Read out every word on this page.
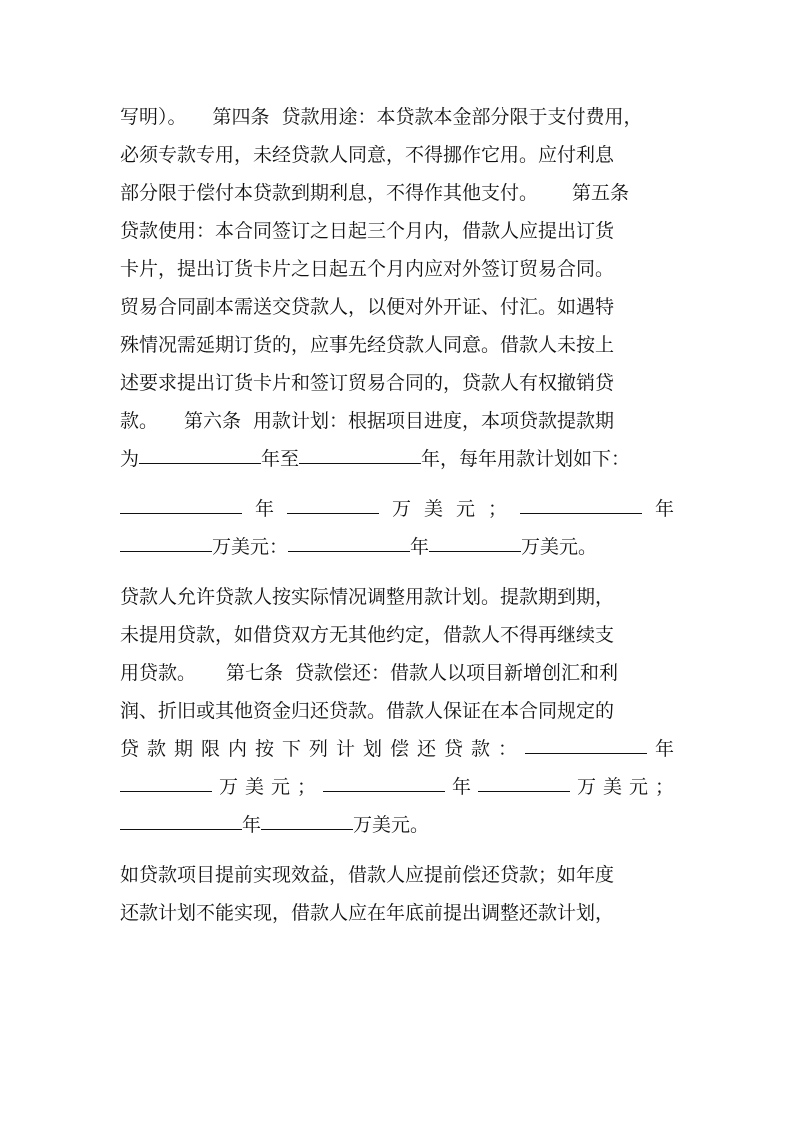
写明）。 第四条 贷款用途：本贷款本金部分限于支付费用，
必须专款专用，未经贷款人同意，不得挪作它用。应付利息
部分限于偿付本贷款到期利息，不得作其他支付。 第五条
贷款使用：本合同签订之日起三个月内，借款人应提出订货
卡片，提出订货卡片之日起五个月内应对外签订贸易合同。
贸易合同副本需送交贷款人，以便对外开证、付汇。如遇特
殊情况需延期订货的，应事先经贷款人同意。借款人未按上
述要求提出订货卡片和签订贸易合同的，贷款人有权撤销贷
款。 第六条 用款计划：根据项目进度，本项贷款提款期
为	年至	年，每年用款计划如下：
年	万 美 元 ；	年
万美元：	年	万美元。
贷款人允许贷款人按实际情况调整用款计划。提款期到期，
未提用贷款，如借贷双方无其他约定，借款人不得再继续支
用贷款。 第七条 贷款偿还：借款人以项目新增创汇和利
润、折旧或其他资金归还贷款。借款人保证在本合同规定的
贷 款 期 限 内 按 下 列 计 划 偿 还 贷 款 ：	年
万 美 元 ；	年	万 美 元 ；
年	万美元。
如贷款项目提前实现效益，借款人应提前偿还贷款；如年度
还款计划不能实现，借款人应在年底前提出调整还款计划，
